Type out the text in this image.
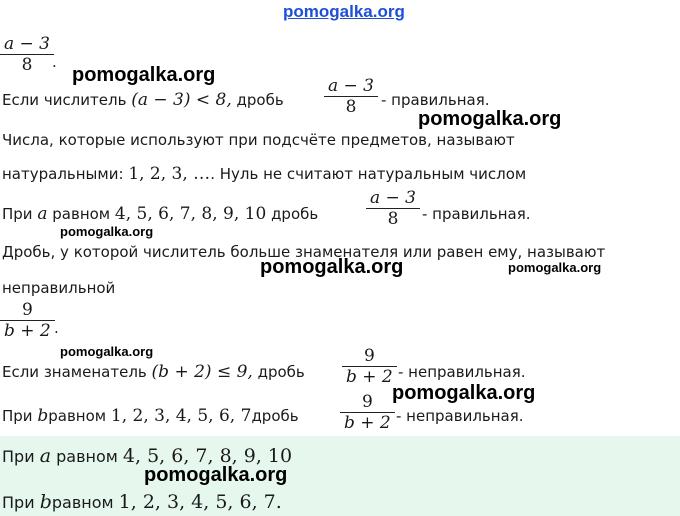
pomogalka.org
$\frac{a - 3}{8}$
.
pomogalka.org
Если числитель (a − 3) < 8, дробь $\frac{a - 3}{8}$ - правильная.
pomogalka.org
Числа, которые используют при подсчёте предметов, называют
натуральными: 1, 2, 3, …. Нуль не считают натуральным числом
При a равном 4, 5, 6, 7, 8, 9, 10 дробь	$\frac{a - 3}{8}$ - правильная.
pomogalka.org
Дробь, у которой числитель больше знаменателя или равен ему, называют
pomogalka.org	pomogalka.org
неправильной
$\frac{9}{b + 2}$ .
pomogalka.org
Если знаменатель (b + 2) ≤ 9, дробь $\frac{9}{b + 2}$ - неправильная.
pomogalka.org
При bравном 1, 2, 3, 4, 5, 6, 7дробь $\frac{9}{b + 2}$ - неправильная.
При a равном 4, 5, 6, 7, 8, 9, 10
pomogalka.org
При bравном 1, 2, 3, 4, 5, 6, 7.
